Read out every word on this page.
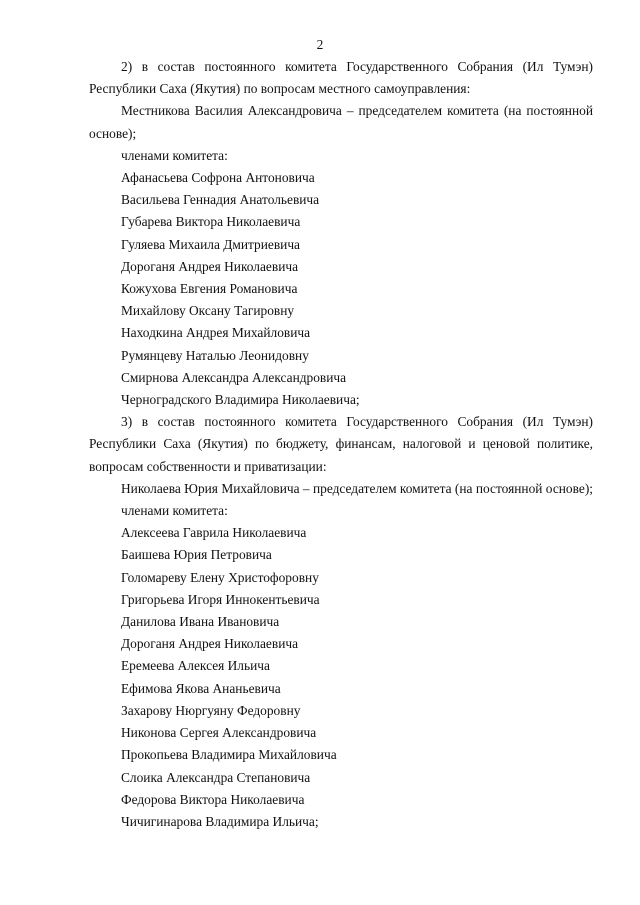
2

2) в состав постоянного комитета Государственного Собрания (Ил Тумэн) Республики Саха (Якутия) по вопросам местного самоуправления:

Местникова Василия Александровича – председателем комитета (на постоянной основе);

членами комитета:

Афанасьева Софрона Антоновича
Васильева Геннадия Анатольевича
Губарева Виктора Николаевича
Гуляева Михаила Дмитриевича
Дороганя Андрея Николаевича
Кожухова Евгения Романовича
Михайлову Оксану Тагировну
Находкина Андрея Михайловича
Румянцеву Наталью Леонидовну
Смирнова Александра Александровича
Черноградского Владимира Николаевича;

3) в состав постоянного комитета Государственного Собрания (Ил Тумэн) Республики Саха (Якутия) по бюджету, финансам, налоговой и ценовой политике, вопросам собственности и приватизации:

Николаева Юрия Михайловича – председателем комитета (на постоянной основе);

членами комитета:

Алексеева Гаврила Николаевича
Баишева Юрия Петровича
Голомареву Елену Христофоровну
Григорьева Игоря Иннокентьевича
Данилова Ивана Ивановича
Дороганя Андрея Николаевича
Еремеева Алексея Ильича
Ефимова Якова Ананьевича
Захарову Нюргуяну Федоровну
Никонова Сергея Александровича
Прокопьева Владимира Михайловича
Слоика Александра Степановича
Федорова Виктора Николаевича
Чичигинарова Владимира Ильича;
